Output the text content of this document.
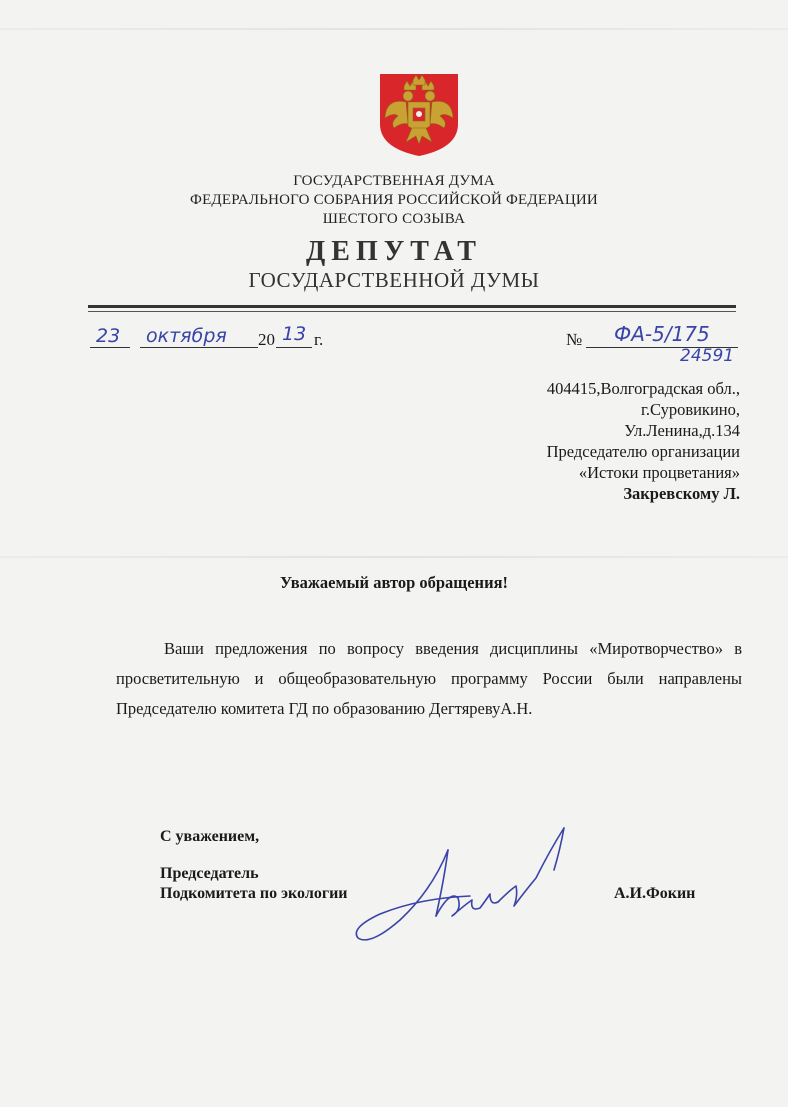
ГОСУДАРСТВЕННАЯ ДУМА
ФЕДЕРАЛЬНОГО СОБРАНИЯ РОССИЙСКОЙ ФЕДЕРАЦИИ
ШЕСТОГО СОЗЫВА
ДЕПУТАТ
ГОСУДАРСТВЕННОЙ ДУМЫ
23 октября 20 13 г.	№ ФА-5/175
24591
404415,Волгоградская обл.,
г.Суровикино,
Ул.Ленина,д.134
Председателю организации
«Истоки процветания»
Закревскому Л.
Уважаемый автор обращения!
Ваши предложения по вопросу введения дисциплины «Миротворчество» в просветительную и общеобразовательную программу России были направлены Председателю комитета ГД по образованию ДегтяревуА.Н.
С уважением,
Председатель
Подкомитета по экологии	А.И.Фокин
